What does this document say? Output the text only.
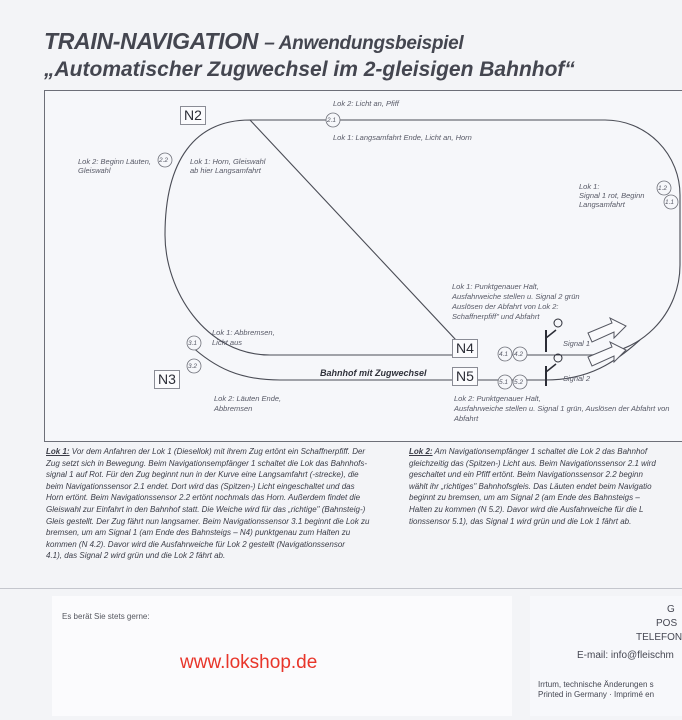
TRAIN-NAVIGATION – Anwendungsbeispiel
„Automatischer Zugwechsel im 2-gleisigen Bahnhof“
2.1
2.2
1.2
1.1
3.1
3.2
4.1 4.2
5.1 5.2
N2
N3
N4
N5
Bahnhof mit Zugwechsel
Signal 1
Signal 2
Lok 2: Licht an, Pfiff
Lok 1: Langsamfahrt Ende, Licht an, Horn
Lok 2: Beginn Läuten,
Gleiswahl
Lok 1: Horn, Gleiswahl
ab hier Langsamfahrt
Lok 1:
Signal 1 rot, Beginn
Langsamfahrt
Lok 1: Punktgenauer Halt,
Ausfahrweiche stellen u. Signal 2 grün
Auslösen der Abfahrt von Lok 2:
Schaffnerpfiff" und Abfahrt
Lok 1: Abbremsen,
Licht aus
Lok 2: Läuten Ende,
Abbremsen
Lok 2: Punktgenauer Halt,
Ausfahrweiche stellen u. Signal 1 grün, Auslösen der Abfahrt von
Abfahrt
Lok 1: Vor dem Anfahren der Lok 1 (Diesellok) mit ihrem Zug ertönt ein Schaffnerpfiff. Der
Zug setzt sich in Bewegung. Beim Navigationsempfänger 1 schaltet die Lok das Bahnhofs-
signal 1 auf Rot. Für den Zug beginnt nun in der Kurve eine Langsamfahrt (-strecke), die
beim Navigationssensor 2.1 endet. Dort wird das (Spitzen-) Licht eingeschaltet und das
Horn ertönt. Beim Navigationssensor 2.2 ertönt nochmals das Horn. Außerdem findet die
Gleiswahl zur Einfahrt in den Bahnhof statt. Die Weiche wird für das „richtige" (Bahnsteig-)
Gleis gestellt. Der Zug fährt nun langsamer. Beim Navigationssensor 3.1 beginnt die Lok zu
bremsen, um am Signal 1 (am Ende des Bahnsteigs – N4) punktgenau zum Halten zu
kommen (N 4.2). Davor wird die Ausfahrweiche für Lok 2 gestellt (Navigationssensor
4.1), das Signal 2 wird grün und die Lok 2 fährt ab.
Lok 2: Am Navigationsempfänger 1 schaltet die Lok 2 das Bahnhof
gleichzeitig das (Spitzen-) Licht aus. Beim Navigationssensor 2.1 wird
geschaltet und ein Pfiff ertönt. Beim Navigationssensor 2.2 beginn
wählt ihr „richtiges" Bahnhofsgleis. Das Läuten endet beim Navigatio
beginnt zu bremsen, um am Signal 2 (am Ende des Bahnsteigs –
Halten zu kommen (N 5.2). Davor wird die Ausfahrweiche für die L
tionssensor 5.1), das Signal 1 wird grün und die Lok 1 fährt ab.
Es berät Sie stets gerne:
www.lokshop.de
G
POS
TELEFON
E-mail: info@fleischm
Irrtum, technische Änderungen s
Printed in Germany · Imprimé en
